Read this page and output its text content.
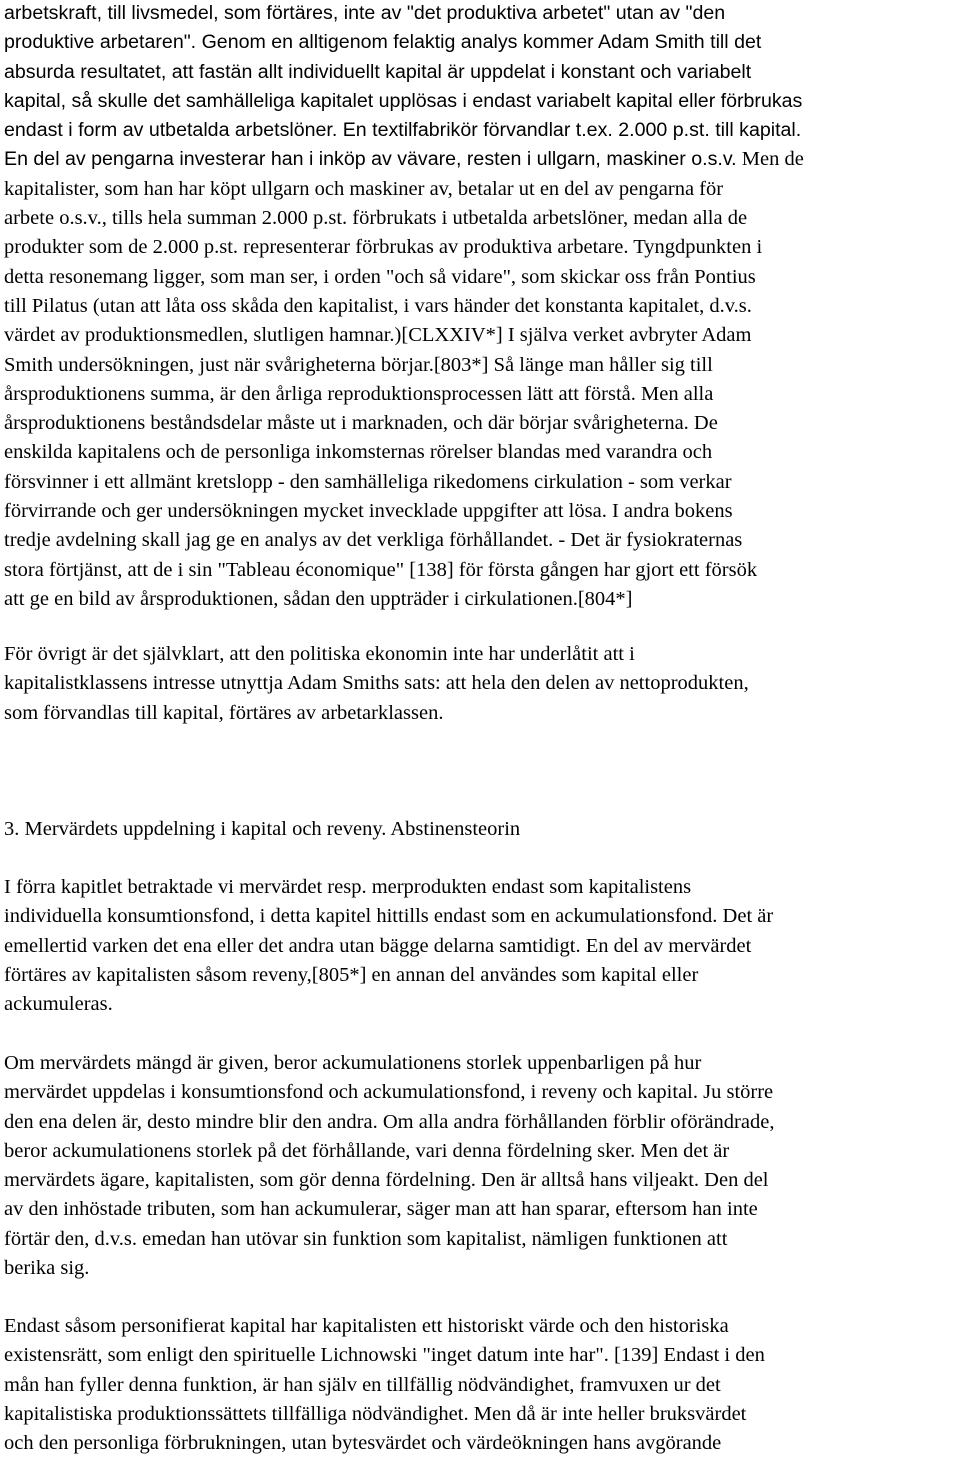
arbetskraft, till livsmedel, som förtäres, inte av "det produktiva arbetet" utan av "den
produktive arbetaren". Genom en alltigenom felaktig analys kommer Adam Smith till det
absurda resultatet, att fastän allt individuellt kapital är uppdelat i konstant och variabelt
kapital, så skulle det samhälleliga kapitalet upplösas i endast variabelt kapital eller förbrukas
endast i form av utbetalda arbetslöner. En textilfabrikör förvandlar t.ex. 2.000 p.st. till kapital.
En del av pengarna investerar han i inköp av vävare, resten i ullgarn, maskiner o.s.v. Men de
kapitalister, som han har köpt ullgarn och maskiner av, betalar ut en del av pengarna för
arbete o.s.v., tills hela summan 2.000 p.st. förbrukats i utbetalda arbetslöner, medan alla de
produkter som de 2.000 p.st. representerar förbrukas av produktiva arbetare. Tyngdpunkten i
detta resonemang ligger, som man ser, i orden "och så vidare", som skickar oss från Pontius
till Pilatus (utan att låta oss skåda den kapitalist, i vars händer det konstanta kapitalet, d.v.s.
värdet av produktionsmedlen, slutligen hamnar.)[CLXXIV*] I själva verket avbryter Adam
Smith undersökningen, just när svårigheterna börjar.[803*] Så länge man håller sig till
årsproduktionens summa, är den årliga reproduktionsprocessen lätt att förstå. Men alla
årsproduktionens beståndsdelar måste ut i marknaden, och där börjar svårigheterna. De
enskilda kapitalens och de personliga inkomsternas rörelser blandas med varandra och
försvinner i ett allmänt kretslopp - den samhälleliga rikedomens cirkulation - som verkar
förvirrande och ger undersökningen mycket invecklade uppgifter att lösa. I andra bokens
tredje avdelning skall jag ge en analys av det verkliga förhållandet. - Det är fysiokraternas
stora förtjänst, att de i sin "Tableau économique" [138] för första gången har gjort ett försök
att ge en bild av årsproduktionen, sådan den uppträder i cirkulationen.[804*]
För övrigt är det självklart, att den politiska ekonomin inte har underlåtit att i
kapitalistklassens intresse utnyttja Adam Smiths sats: att hela den delen av nettoprodukten,
som förvandlas till kapital, förtäres av arbetarklassen.
3. Mervärdets uppdelning i kapital och reveny. Abstinensteorin
I förra kapitlet betraktade vi mervärdet resp. merprodukten endast som kapitalistens
individuella konsumtionsfond, i detta kapitel hittills endast som en ackumulationsfond. Det är
emellertid varken det ena eller det andra utan bägge delarna samtidigt. En del av mervärdet
förtäres av kapitalisten såsom reveny,[805*] en annan del användes som kapital eller
ackumuleras.
Om mervärdets mängd är given, beror ackumulationens storlek uppenbarligen på hur
mervärdet uppdelas i konsumtionsfond och ackumulationsfond, i reveny och kapital. Ju större
den ena delen är, desto mindre blir den andra. Om alla andra förhållanden förblir oförändrade,
beror ackumulationens storlek på det förhållande, vari denna fördelning sker. Men det är
mervärdets ägare, kapitalisten, som gör denna fördelning. Den är alltså hans viljeakt. Den del
av den inhöstade tributen, som han ackumulerar, säger man att han sparar, eftersom han inte
förtär den, d.v.s. emedan han utövar sin funktion som kapitalist, nämligen funktionen att
berika sig.
Endast såsom personifierat kapital har kapitalisten ett historiskt värde och den historiska
existensrätt, som enligt den spirituelle Lichnowski "inget datum inte har". [139] Endast i den
mån han fyller denna funktion, är han själv en tillfällig nödvändighet, framvuxen ur det
kapitalistiska produktionssättets tillfälliga nödvändighet. Men då är inte heller bruksvärdet
och den personliga förbrukningen, utan bytesvärdet och värdeökningen hans avgörande
